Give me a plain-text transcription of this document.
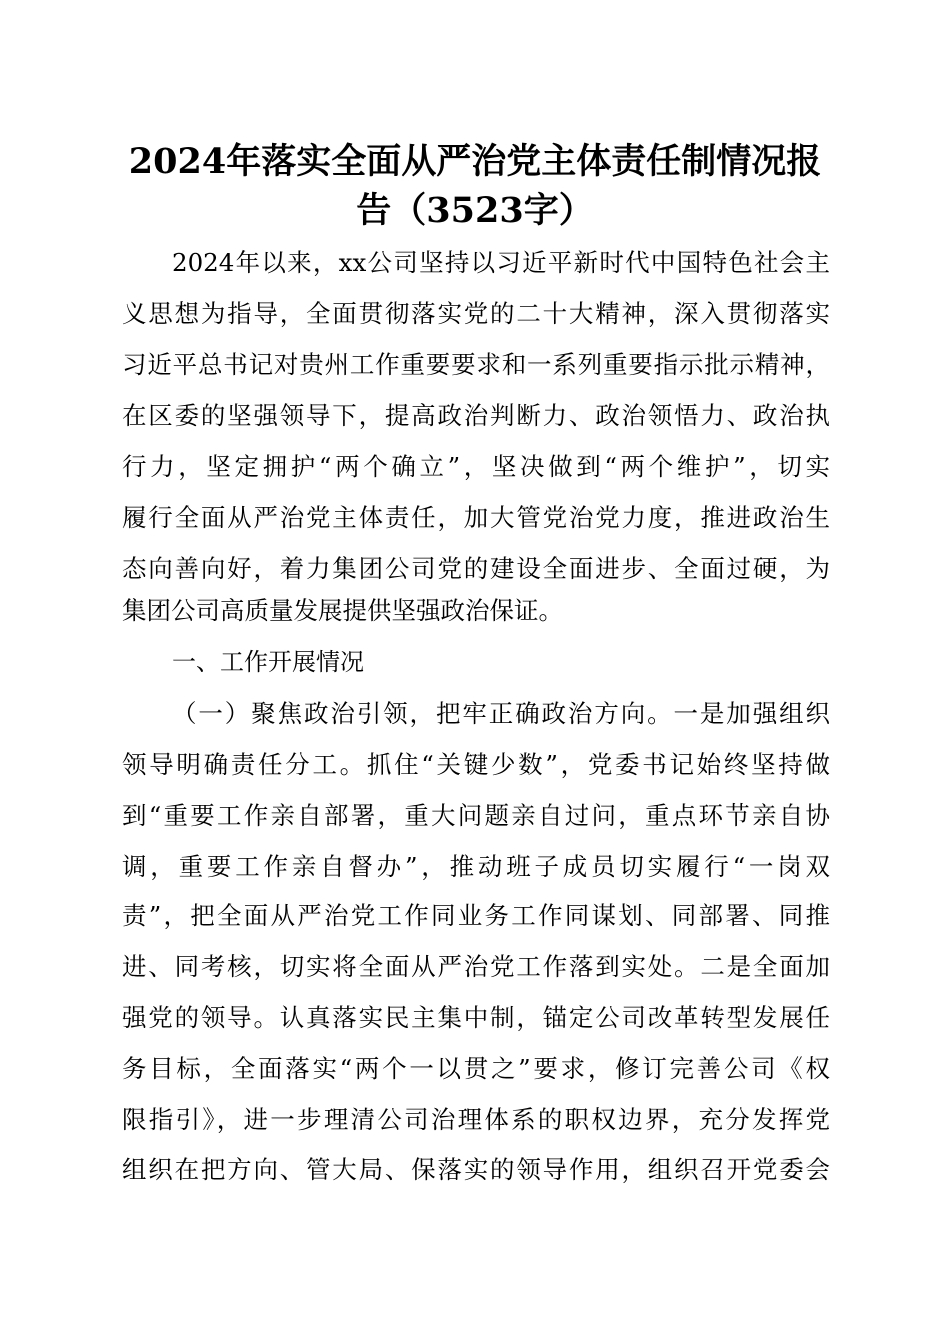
2024年落实全面从严治党主体责任制情况报
告（3523字）
2024年以来，xx公司坚持以习近平新时代中国特色社会主
义思想为指导，全面贯彻落实党的二十大精神，深入贯彻落实
习近平总书记对贵州工作重要要求和一系列重要指示批示精神，
在区委的坚强领导下，提高政治判断力、政治领悟力、政治执
行力，坚定拥护“两个确立”，坚决做到“两个维护”，切实
履行全面从严治党主体责任，加大管党治党力度，推进政治生
态向善向好，着力集团公司党的建设全面进步、全面过硬，为
集团公司高质量发展提供坚强政治保证。
一、工作开展情况
（一）聚焦政治引领，把牢正确政治方向。一是加强组织
领导明确责任分工。抓住“关键少数”，党委书记始终坚持做
到“重要工作亲自部署，重大问题亲自过问，重点环节亲自协
调，重要工作亲自督办”，推动班子成员切实履行“一岗双
责”，把全面从严治党工作同业务工作同谋划、同部署、同推
进、同考核，切实将全面从严治党工作落到实处。二是全面加
强党的领导。认真落实民主集中制，锚定公司改革转型发展任
务目标，全面落实“两个一以贯之”要求，修订完善公司《权
限指引》，进一步理清公司治理体系的职权边界，充分发挥党
组织在把方向、管大局、保落实的领导作用，组织召开党委会
